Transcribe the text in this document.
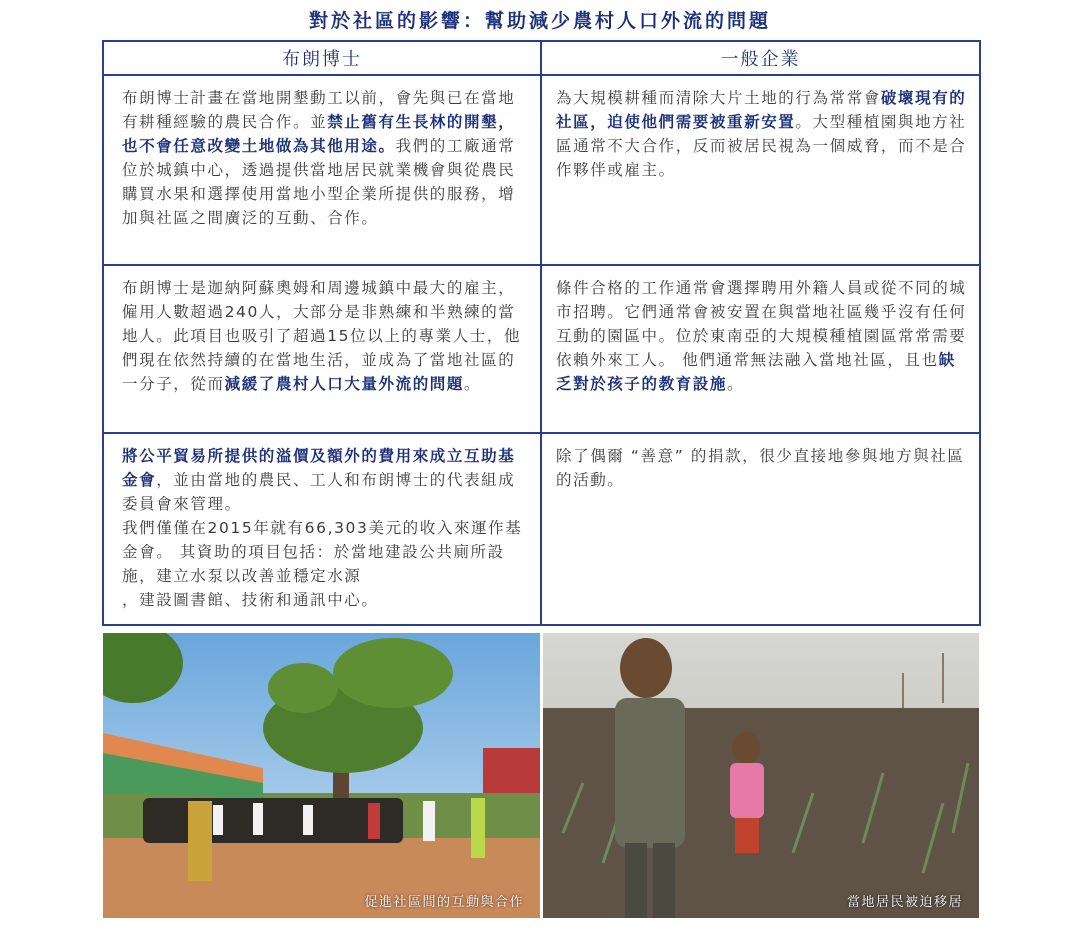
對於社區的影響：幫助減少農村人口外流的問題
布朗博士	一般企業
布朗博士計畫在當地開墾動工以前，會先與已在當地有耕種經驗的農民合作。並禁止舊有生長林的開墾，也不會任意改變土地做為其他用途。我們的工廠通常位於城鎮中心，透過提供當地居民就業機會與從農民購買水果和選擇使用當地小型企業所提供的服務，增加與社區之間廣泛的互動、合作。	為大規模耕種而清除大片土地的行為常常會破壞現有的社區，迫使他們需要被重新安置。大型種植園與地方社區通常不大合作，反而被居民視為一個威脅，而不是合作夥伴或雇主。
布朗博士是迦納阿蘇奧姆和周邊城鎮中最大的雇主，僱用人數超過240人，大部分是非熟練和半熟練的當地人。此項目也吸引了超過15位以上的專業人士，他們現在依然持續的在當地生活，並成為了當地社區的一分子，從而減緩了農村人口大量外流的問題。	條件合格的工作通常會選擇聘用外籍人員或從不同的城市招聘。它們通常會被安置在與當地社區幾乎沒有任何互動的園區中。位於東南亞的大規模種植園區常常需要依賴外來工人。 他們通常無法融入當地社區，且也缺乏對於孩子的教育設施。
將公平貿易所提供的溢價及額外的費用來成立互助基金會，並由當地的農民、工人和布朗博士的代表組成委員會來管理。
我們僅僅在2015年就有66,303美元的收入來運作基金會。 其資助的項目包括：於當地建設公共廁所設施，建立水泵以改善並穩定水源
，建設圖書館、技術和通訊中心。	除了偶爾 “善意” 的捐款，很少直接地參與地方與社區的活動。
促進社區間的互動與合作	當地居民被迫移居
